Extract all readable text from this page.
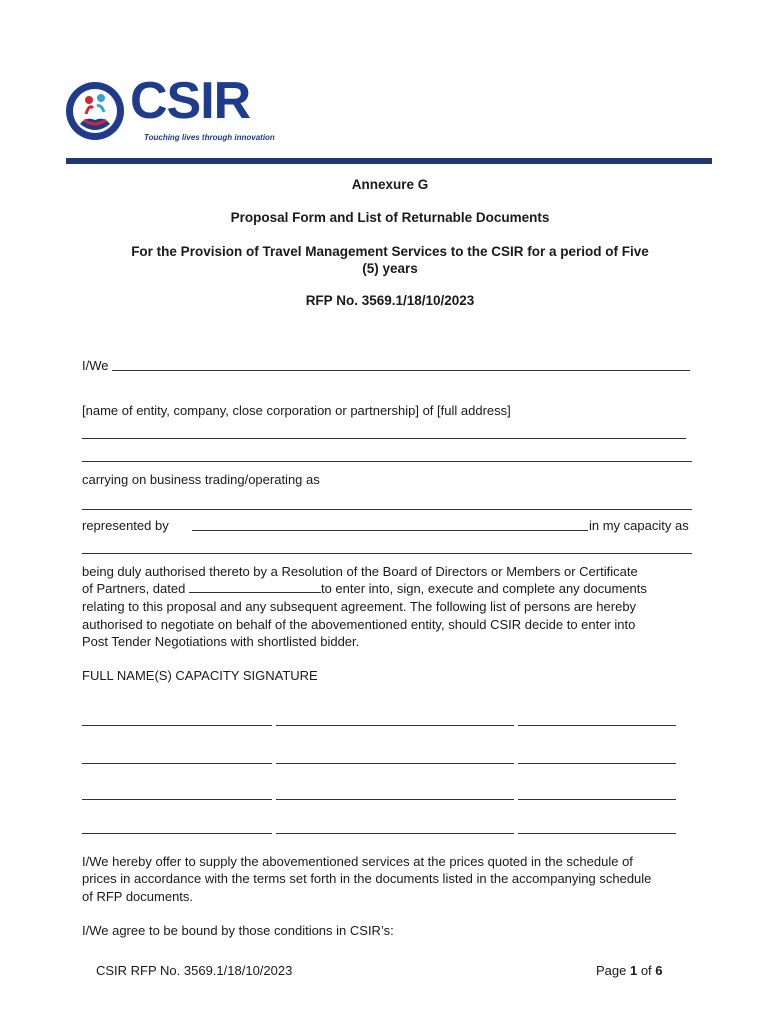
CSIR
Touching lives through innovation
Annexure G
Proposal Form and List of Returnable Documents
For the Provision of Travel Management Services to the CSIR for a period of Five
(5) years
RFP No. 3569.1/18/10/2023
I/We
[name of entity, company, close corporation or partnership] of [full address]
carrying on business trading/operating as
represented by	in my capacity as
being duly authorised thereto by a Resolution of the Board of Directors or Members or Certificate
of Partners, dated	to enter into, sign, execute and complete any documents
relating to this proposal and any subsequent agreement. The following list of persons are hereby
authorised to negotiate on behalf of the abovementioned entity, should CSIR decide to enter into
Post Tender Negotiations with shortlisted bidder.
FULL NAME(S) CAPACITY SIGNATURE
I/We hereby offer to supply the abovementioned services at the prices quoted in the schedule of
prices in accordance with the terms set forth in the documents listed in the accompanying schedule
of RFP documents.
I/We agree to be bound by those conditions in CSIR’s:
CSIR RFP No. 3569.1/18/10/2023	Page 1 of 6
